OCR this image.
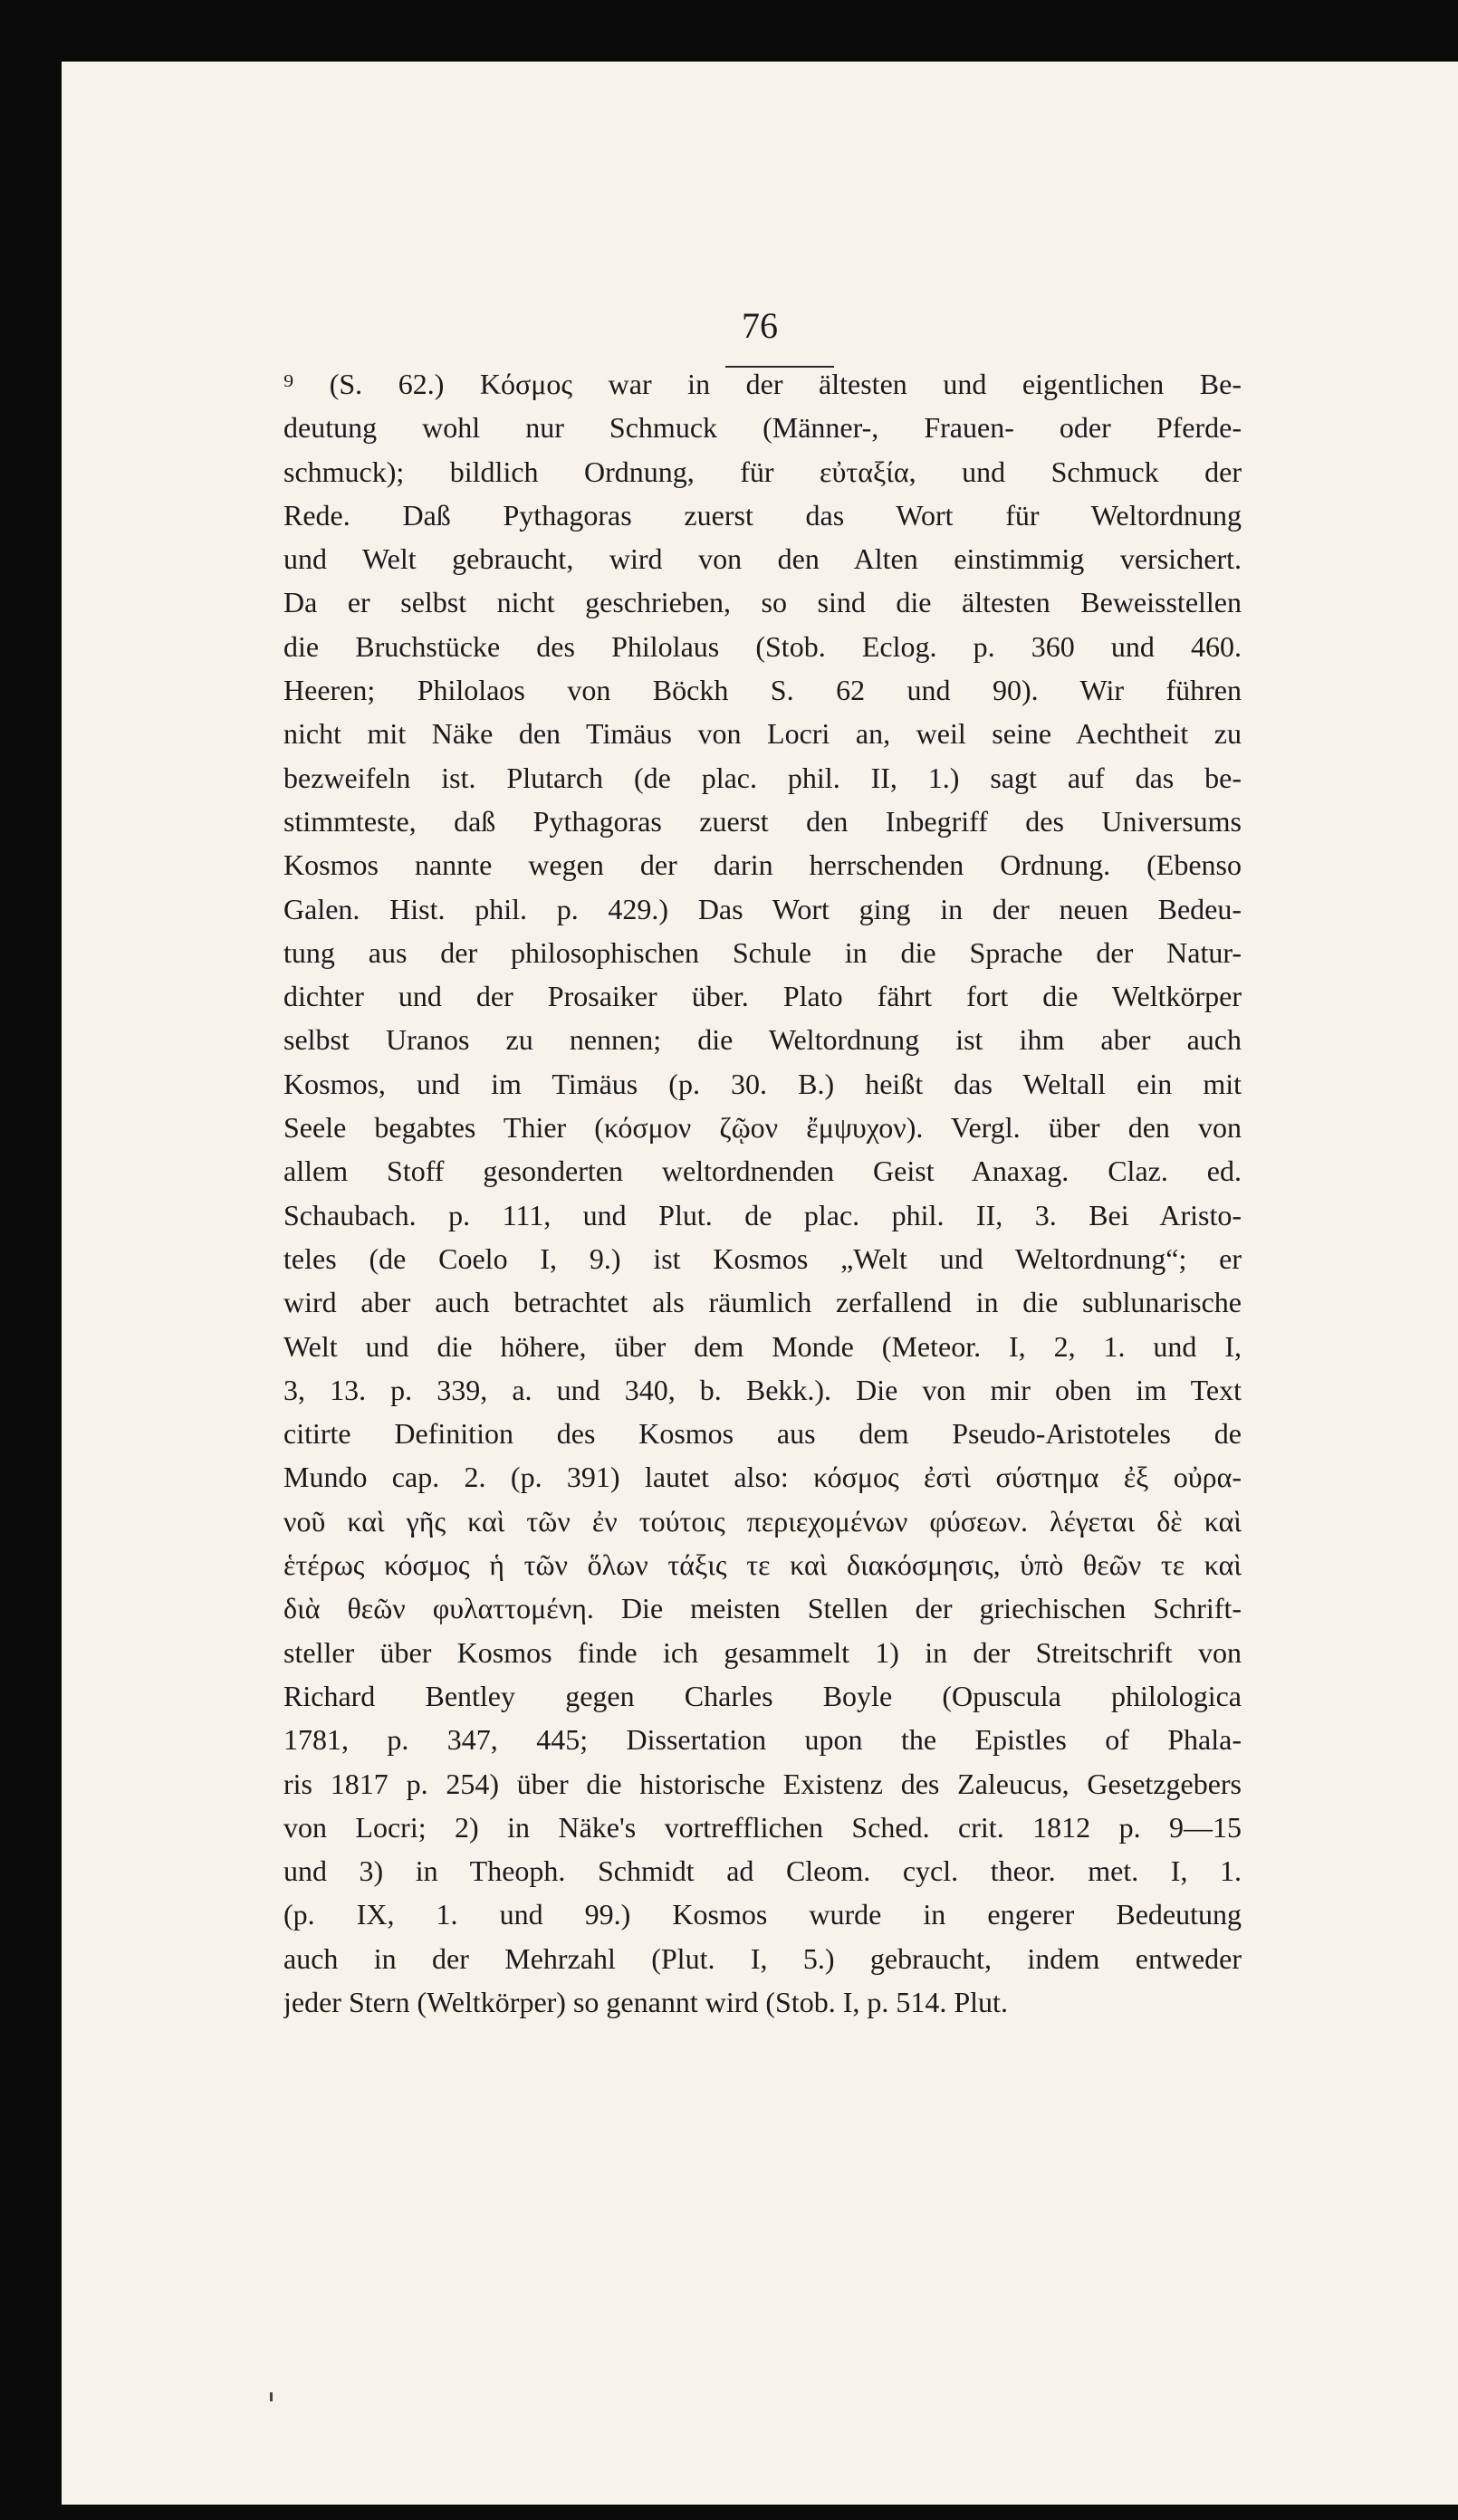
76
⁹ (S. 62.) Κόσμος war in der ältesten und eigentlichen Be-
deutung wohl nur Schmuck (Männer-, Frauen- oder Pferde-
schmuck); bildlich Ordnung, für εὐταξία, und Schmuck der
Rede. Daß Pythagoras zuerst das Wort für Weltordnung
und Welt gebraucht, wird von den Alten einstimmig versichert.
Da er selbst nicht geschrieben, so sind die ältesten Beweisstellen
die Bruchstücke des Philolaus (Stob. Eclog. p. 360 und 460.
Heeren; Philolaos von Böckh S. 62 und 90). Wir führen
nicht mit Näke den Timäus von Locri an, weil seine Aechtheit zu
bezweifeln ist. Plutarch (de plac. phil. II, 1.) sagt auf das be-
stimmteste, daß Pythagoras zuerst den Inbegriff des Universums
Kosmos nannte wegen der darin herrschenden Ordnung. (Ebenso
Galen. Hist. phil. p. 429.) Das Wort ging in der neuen Bedeu-
tung aus der philosophischen Schule in die Sprache der Natur-
dichter und der Prosaiker über. Plato fährt fort die Weltkörper
selbst Uranos zu nennen; die Weltordnung ist ihm aber auch
Kosmos, und im Timäus (p. 30. B.) heißt das Weltall ein mit
Seele begabtes Thier (κόσμον ζῷον ἔμψυχον). Vergl. über den von
allem Stoff gesonderten weltordnenden Geist Anaxag. Claz. ed.
Schaubach. p. 111, und Plut. de plac. phil. II, 3. Bei Aristo-
teles (de Coelo I, 9.) ist Kosmos „Welt und Weltordnung“; er
wird aber auch betrachtet als räumlich zerfallend in die sublunarische
Welt und die höhere, über dem Monde (Meteor. I, 2, 1. und I,
3, 13. p. 339, a. und 340, b. Bekk.). Die von mir oben im Text
citirte Definition des Kosmos aus dem Pseudo-Aristoteles de
Mundo cap. 2. (p. 391) lautet also: κόσμος ἐστὶ σύστημα ἐξ οὐρα-
νοῦ καὶ γῆς καὶ τῶν ἐν τούτοις περιεχομένων φύσεων. λέγεται δὲ καὶ
ἑτέρως κόσμος ἡ τῶν ὅλων τάξις τε καὶ διακόσμησις, ὑπὸ θεῶν τε καὶ
διὰ θεῶν φυλαττομένη. Die meisten Stellen der griechischen Schrift-
steller über Kosmos finde ich gesammelt 1) in der Streitschrift von
Richard Bentley gegen Charles Boyle (Opuscula philologica
1781, p. 347, 445; Dissertation upon the Epistles of Phala-
ris 1817 p. 254) über die historische Existenz des Zaleucus, Gesetzgebers
von Locri; 2) in Näke's vortrefflichen Sched. crit. 1812 p. 9—15
und 3) in Theoph. Schmidt ad Cleom. cycl. theor. met. I, 1.
(p. IX, 1. und 99.) Kosmos wurde in engerer Bedeutung
auch in der Mehrzahl (Plut. I, 5.) gebraucht, indem entweder
jeder Stern (Weltkörper) so genannt wird (Stob. I, p. 514. Plut.
